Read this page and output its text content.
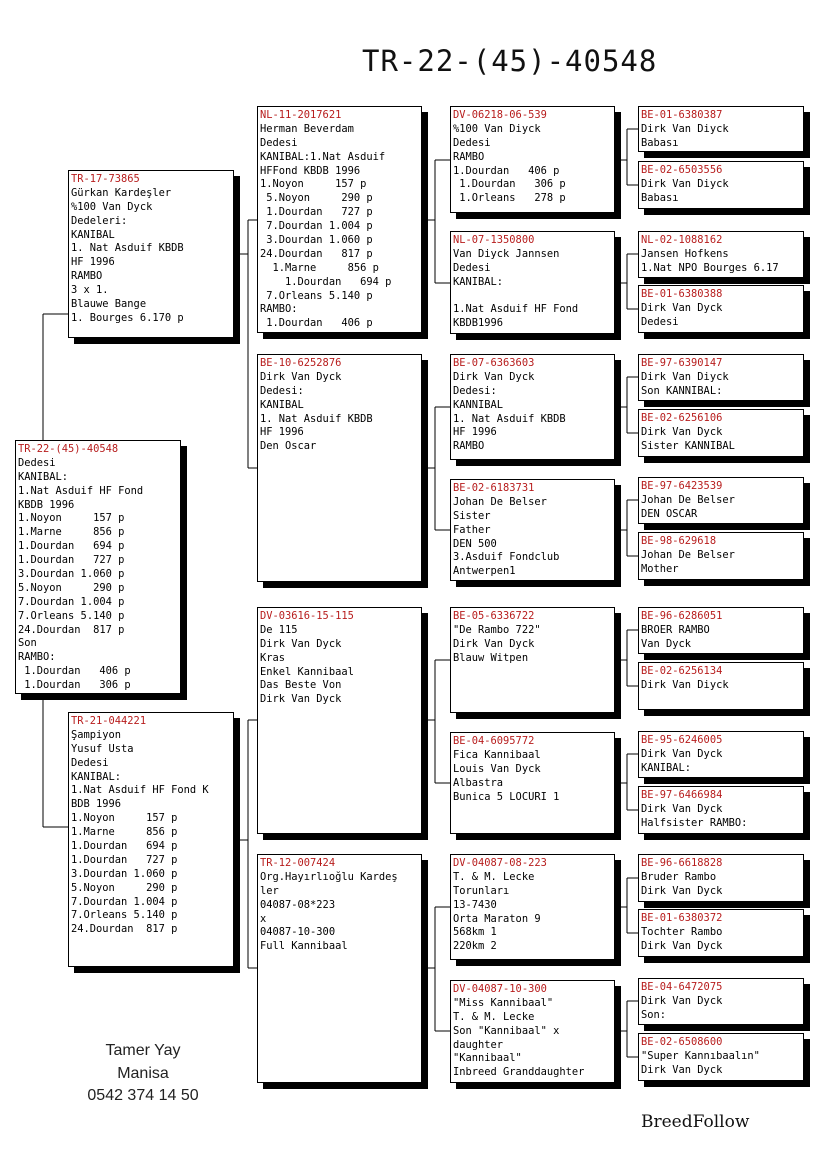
TR-22-(45)-40548
TR-22-(45)-40548
Dedesi
KANIBAL:
1.Nat Asduif HF Fond
KBDB 1996
1.Noyon     157 p
1.Marne     856 p
1.Dourdan   694 p
1.Dourdan   727 p
3.Dourdan 1.060 p
5.Noyon     290 p
7.Dourdan 1.004 p
7.Orleans 5.140 p
24.Dourdan  817 p
Son
RAMBO:
1.Dourdan   406 p
1.Dourdan   306 p
TR-17-73865
Gürkan Kardeşler
%100 Van Dyck
Dedeleri:
KANIBAL
1. Nat Asduif KBDB
HF 1996
RAMBO
3 x 1.
Blauwe Bange
1. Bourges 6.170 p
TR-21-044221
Şampiyon
Yusuf Usta
Dedesi
KANIBAL:
1.Nat Asduif HF Fond K
BDB 1996
1.Noyon     157 p
1.Marne     856 p
1.Dourdan   694 p
1.Dourdan   727 p
3.Dourdan 1.060 p
5.Noyon     290 p
7.Dourdan 1.004 p
7.Orleans 5.140 p
24.Dourdan  817 p
NL-11-2017621
Herman Beverdam
Dedesi
KANIBAL:1.Nat Asduif
HFFond KBDB 1996
1.Noyon     157 p
5.Noyon     290 p
1.Dourdan   727 p
7.Dourdan 1.004 p
3.Dourdan 1.060 p
24.Dourdan   817 p
1.Marne     856 p
1.Dourdan   694 p
7.Orleans 5.140 p
RAMBO:
1.Dourdan   406 p
BE-10-6252876
Dirk Van Dyck
Dedesi:
KANIBAL
1. Nat Asduif KBDB
HF 1996
Den Oscar
DV-03616-15-115
De 115
Dirk Van Dyck
Kras
Enkel Kannibaal
Das Beste Von
Dirk Van Dyck
TR-12-007424
Org.Hayırlıoğlu Kardeş
ler
04087-08*223
x
04087-10-300
Full Kannibaal
DV-06218-06-539
%100 Van Diyck
Dedesi
RAMBO
1.Dourdan   406 p
1.Dourdan   306 p
1.Orleans   278 p
NL-07-1350800
Van Diyck Jannsen
Dedesi
KANIBAL:
1.Nat Asduif HF Fond
KBDB1996
BE-07-6363603
Dirk Van Dyck
Dedesi:
KANNIBAL
1. Nat Asduif KBDB
HF 1996
RAMBO
BE-02-6183731
Johan De Belser
Sister
Father
DEN 500
3.Asduif Fondclub
Antwerpen1
BE-05-6336722
"De Rambo 722"
Dirk Van Dyck
Blauw Witpen
BE-04-6095772
Fica Kannibaal
Louis Van Dyck
Albastra
Bunica 5 LOCURI 1
DV-04087-08-223
T. & M. Lecke
Torunları
13-7430
Orta Maraton 9
568km 1
220km 2
DV-04087-10-300
"Miss Kannibaal"
T. & M. Lecke
Son "Kannibaal" x
daughter
"Kannibaal"
Inbreed Granddaughter
BE-01-6380387
Dirk Van Diyck
Babası
BE-02-6503556
Dirk Van Diyck
Babası
NL-02-1088162
Jansen Hofkens
1.Nat NPO Bourges 6.17
BE-01-6380388
Dirk Van Dyck
Dedesi
BE-97-6390147
Dirk Van Diyck
Son KANNIBAL:
BE-02-6256106
Dirk Van Dyck
Sister KANNIBAL
BE-97-6423539
Johan De Belser
DEN OSCAR
BE-98-629618
Johan De Belser
Mother
BE-96-6286051
BROER RAMBO
Van Dyck
BE-02-6256134
Dirk Van Diyck
BE-95-6246005
Dirk Van Dyck
KANIBAL:
BE-97-6466984
Dirk Van Dyck
Halfsister RAMBO:
BE-96-6618828
Bruder Rambo
Dirk Van Dyck
BE-01-6380372
Tochter Rambo
Dirk Van Dyck
BE-04-6472075
Dirk Van Dyck
Son:
BE-02-6508600
"Super Kannıbaalın"
Dirk Van Dyck
Tamer Yay
Manisa
0542 374 14 50
BreedFollow
